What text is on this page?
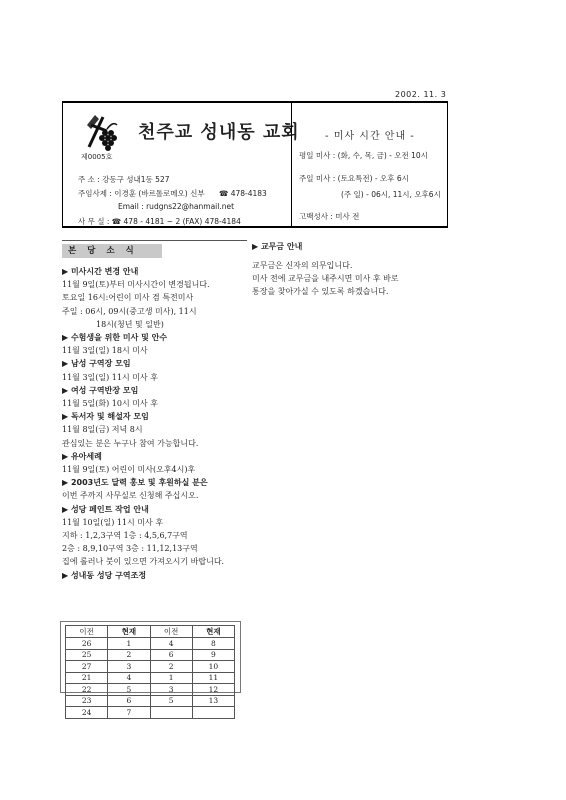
2002. 11. 3
제0005호
천주교 성내동 교회
주 소 : 강동구 성내1동 527
주임사제 : 이경훈 (바르톨로메오) 신부 ☎ 478-4183
Email : rudgns22@hanmail.net
사 무 실 : ☎ 478 - 4181 ~ 2 (FAX) 478-4184
- 미사 시간 안내 -
평일 미사 : (화, 수, 목, 금) - 오전 10시
주일 미사 : (토요특전) - 오후 6시
(주 일) - 06시, 11시, 오후6시
고백성사 : 미사 전
본 당 소 식
▶ 미사시간 변경 안내
11월 9일(토)부터 미사시간이 변경됩니다.
토요일 16시:어린이 미사 겸 특전미사
주일 : 06시, 09시(중고생 미사), 11시
18시(청년 및 일반)
▶ 수험생을 위한 미사 및 안수
11월 3일(일) 18시 미사
▶ 남성 구역장 모임
11월 3일(일) 11시 미사 후
▶ 여성 구역반장 모임
11월 5일(화) 10시 미사 후
▶ 독서자 및 해설자 모임
11월 8일(금) 저녁 8시
관심있는 분은 누구나 참여 가능합니다.
▶ 유아세례
11월 9일(토) 어린이 미사(오후4시)후
▶ 2003년도 달력 홍보 및 후원하실 분은
이번 주까지 사무실로 신청해 주십시오.
▶ 성당 페인트 작업 안내
11월 10일(일) 11시 미사 후
지하 : 1,2,3구역 1층 : 4,5,6,7구역
2층 : 8,9,10구역 3층 : 11,12,13구역
집에 롤러나 붓이 있으면 가져오시기 바랍니다.
▶ 성내동 성당 구역조정
이전	현재	이전	현재
26	1	4	8
25	2	6	9
27	3	2	10
21	4	1	11
22	5	3	12
23	6	5	13
24	7		
▶ 교무금 안내
교무금은 신자의 의무입니다.
미사 전에 교무금을 내주시면 미사 후 바로
통장을 찾아가실 수 있도록 하겠습니다.
